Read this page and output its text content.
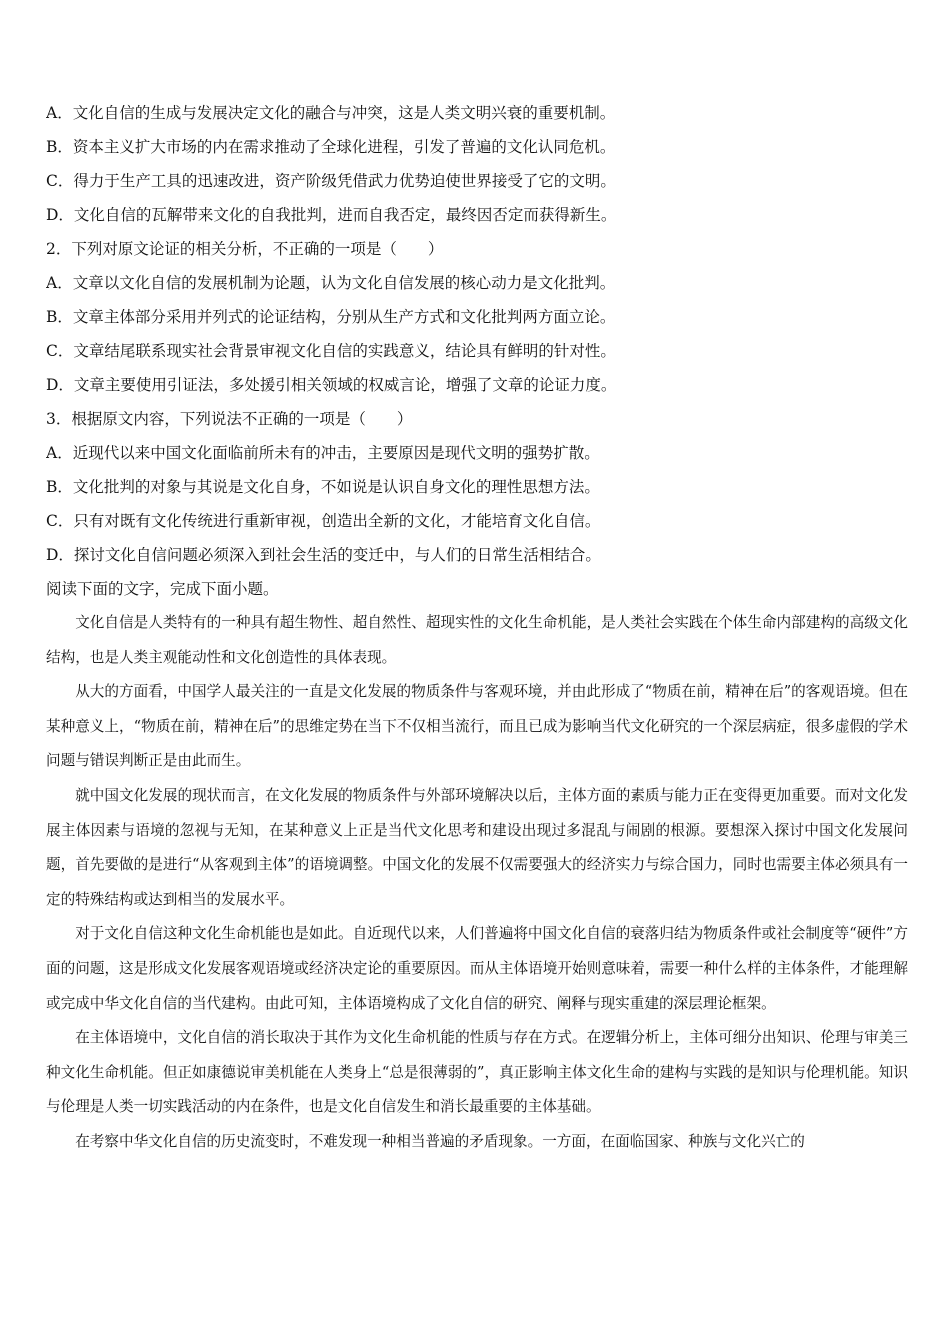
A．文化自信的生成与发展决定文化的融合与冲突，这是人类文明兴衰的重要机制。
B．资本主义扩大市场的内在需求推动了全球化进程，引发了普遍的文化认同危机。
C．得力于生产工具的迅速改进，资产阶级凭借武力优势迫使世界接受了它的文明。
D．文化自信的瓦解带来文化的自我批判，进而自我否定，最终因否定而获得新生。
2．下列对原文论证的相关分析，不正确的一项是（　　）
A．文章以文化自信的发展机制为论题，认为文化自信发展的核心动力是文化批判。
B．文章主体部分采用并列式的论证结构，分别从生产方式和文化批判两方面立论。
C．文章结尾联系现实社会背景审视文化自信的实践意义，结论具有鲜明的针对性。
D．文章主要使用引证法，多处援引相关领域的权威言论，增强了文章的论证力度。
3．根据原文内容，下列说法不正确的一项是（　　）
A．近现代以来中国文化面临前所未有的冲击，主要原因是现代文明的强势扩散。
B．文化批判的对象与其说是文化自身，不如说是认识自身文化的理性思想方法。
C．只有对既有文化传统进行重新审视，创造出全新的文化，才能培育文化自信。
D．探讨文化自信问题必须深入到社会生活的变迁中，与人们的日常生活相结合。
阅读下面的文字，完成下面小题。

文化自信是人类特有的一种具有超生物性、超自然性、超现实性的文化生命机能，是人类社会实践在个体生命内部建构的高级文化结构，也是人类主观能动性和文化创造性的具体表现。

从大的方面看，中国学人最关注的一直是文化发展的物质条件与客观环境，并由此形成了“物质在前，精神在后”的客观语境。但在某种意义上，“物质在前，精神在后”的思维定势在当下不仅相当流行，而且已成为影响当代文化研究的一个深层病症，很多虚假的学术问题与错误判断正是由此而生。

就中国文化发展的现状而言，在文化发展的物质条件与外部环境解决以后，主体方面的素质与能力正在变得更加重要。而对文化发展主体因素与语境的忽视与无知，在某种意义上正是当代文化思考和建设出现过多混乱与闹剧的根源。要想深入探讨中国文化发展问题，首先要做的是进行“从客观到主体”的语境调整。中国文化的发展不仅需要强大的经济实力与综合国力，同时也需要主体必须具有一定的特殊结构或达到相当的发展水平。

对于文化自信这种文化生命机能也是如此。自近现代以来，人们普遍将中国文化自信的衰落归结为物质条件或社会制度等“硬件”方面的问题，这是形成文化发展客观语境或经济决定论的重要原因。而从主体语境开始则意味着，需要一种什么样的主体条件，才能理解或完成中华文化自信的当代建构。由此可知，主体语境构成了文化自信的研究、阐释与现实重建的深层理论框架。

在主体语境中，文化自信的消长取决于其作为文化生命机能的性质与存在方式。在逻辑分析上，主体可细分出知识、伦理与审美三种文化生命机能。但正如康德说审美机能在人类身上“总是很薄弱的”，真正影响主体文化生命的建构与实践的是知识与伦理机能。知识与伦理是人类一切实践活动的内在条件，也是文化自信发生和消长最重要的主体基础。

在考察中华文化自信的历史流变时，不难发现一种相当普遍的矛盾现象。一方面，在面临国家、种族与文化兴亡的
